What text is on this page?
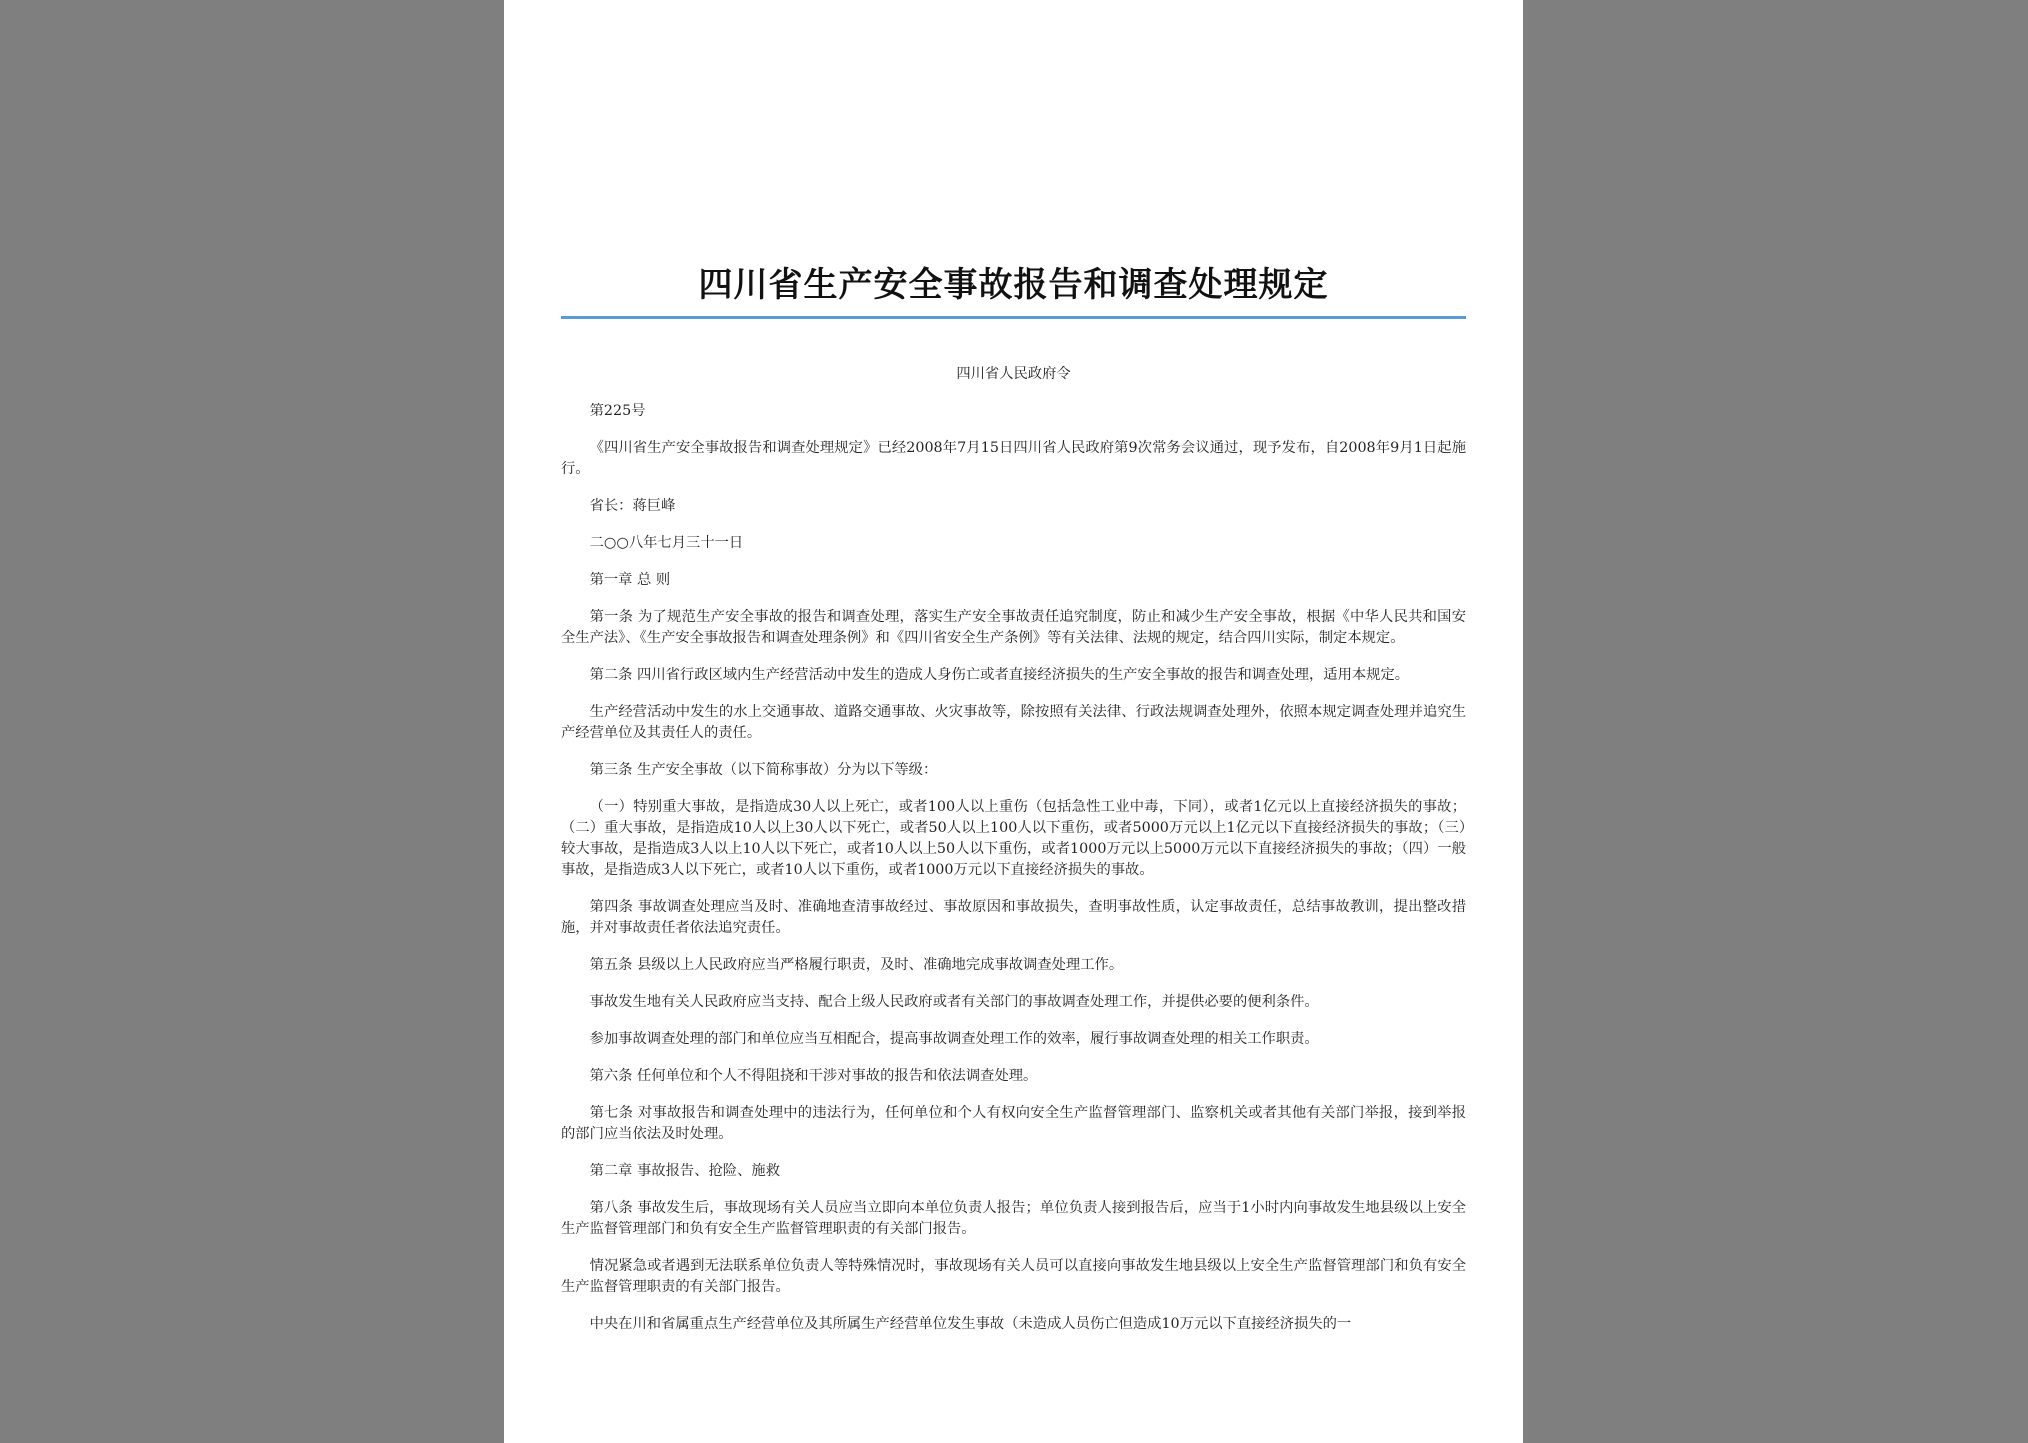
四川省生产安全事故报告和调查处理规定

四川省人民政府令

第225号

《四川省生产安全事故报告和调查处理规定》已经2008年7月15日四川省人民政府第9次常务会议通过，现予发布，自2008年9月1日起施行。

省长：蒋巨峰

二○○八年七月三十一日

第一章 总 则

第一条 为了规范生产安全事故的报告和调查处理，落实生产安全事故责任追究制度，防止和减少生产安全事故，根据《中华人民共和国安全生产法》、《生产安全事故报告和调查处理条例》和《四川省安全生产条例》等有关法律、法规的规定，结合四川实际，制定本规定。

第二条 四川省行政区域内生产经营活动中发生的造成人身伤亡或者直接经济损失的生产安全事故的报告和调查处理，适用本规定。

生产经营活动中发生的水上交通事故、道路交通事故、火灾事故等，除按照有关法律、行政法规调查处理外，依照本规定调查处理并追究生产经营单位及其责任人的责任。

第三条 生产安全事故（以下简称事故）分为以下等级：

（一）特别重大事故，是指造成30人以上死亡，或者100人以上重伤（包括急性工业中毒，下同），或者1亿元以上直接经济损失的事故；（二）重大事故，是指造成10人以上30人以下死亡，或者50人以上100人以下重伤，或者5000万元以上1亿元以下直接经济损失的事故；（三）较大事故，是指造成3人以上10人以下死亡，或者10人以上50人以下重伤，或者1000万元以上5000万元以下直接经济损失的事故；（四）一般事故，是指造成3人以下死亡，或者10人以下重伤，或者1000万元以下直接经济损失的事故。

第四条 事故调查处理应当及时、准确地查清事故经过、事故原因和事故损失，查明事故性质，认定事故责任，总结事故教训，提出整改措施，并对事故责任者依法追究责任。

第五条 县级以上人民政府应当严格履行职责，及时、准确地完成事故调查处理工作。

事故发生地有关人民政府应当支持、配合上级人民政府或者有关部门的事故调查处理工作，并提供必要的便利条件。

参加事故调查处理的部门和单位应当互相配合，提高事故调查处理工作的效率，履行事故调查处理的相关工作职责。

第六条 任何单位和个人不得阻挠和干涉对事故的报告和依法调查处理。

第七条 对事故报告和调查处理中的违法行为，任何单位和个人有权向安全生产监督管理部门、监察机关或者其他有关部门举报，接到举报的部门应当依法及时处理。

第二章 事故报告、抢险、施救

第八条 事故发生后，事故现场有关人员应当立即向本单位负责人报告；单位负责人接到报告后，应当于1小时内向事故发生地县级以上安全生产监督管理部门和负有安全生产监督管理职责的有关部门报告。

情况紧急或者遇到无法联系单位负责人等特殊情况时，事故现场有关人员可以直接向事故发生地县级以上安全生产监督管理部门和负有安全生产监督管理职责的有关部门报告。

中央在川和省属重点生产经营单位及其所属生产经营单位发生事故（未造成人员伤亡但造成10万元以下直接经济损失的一
